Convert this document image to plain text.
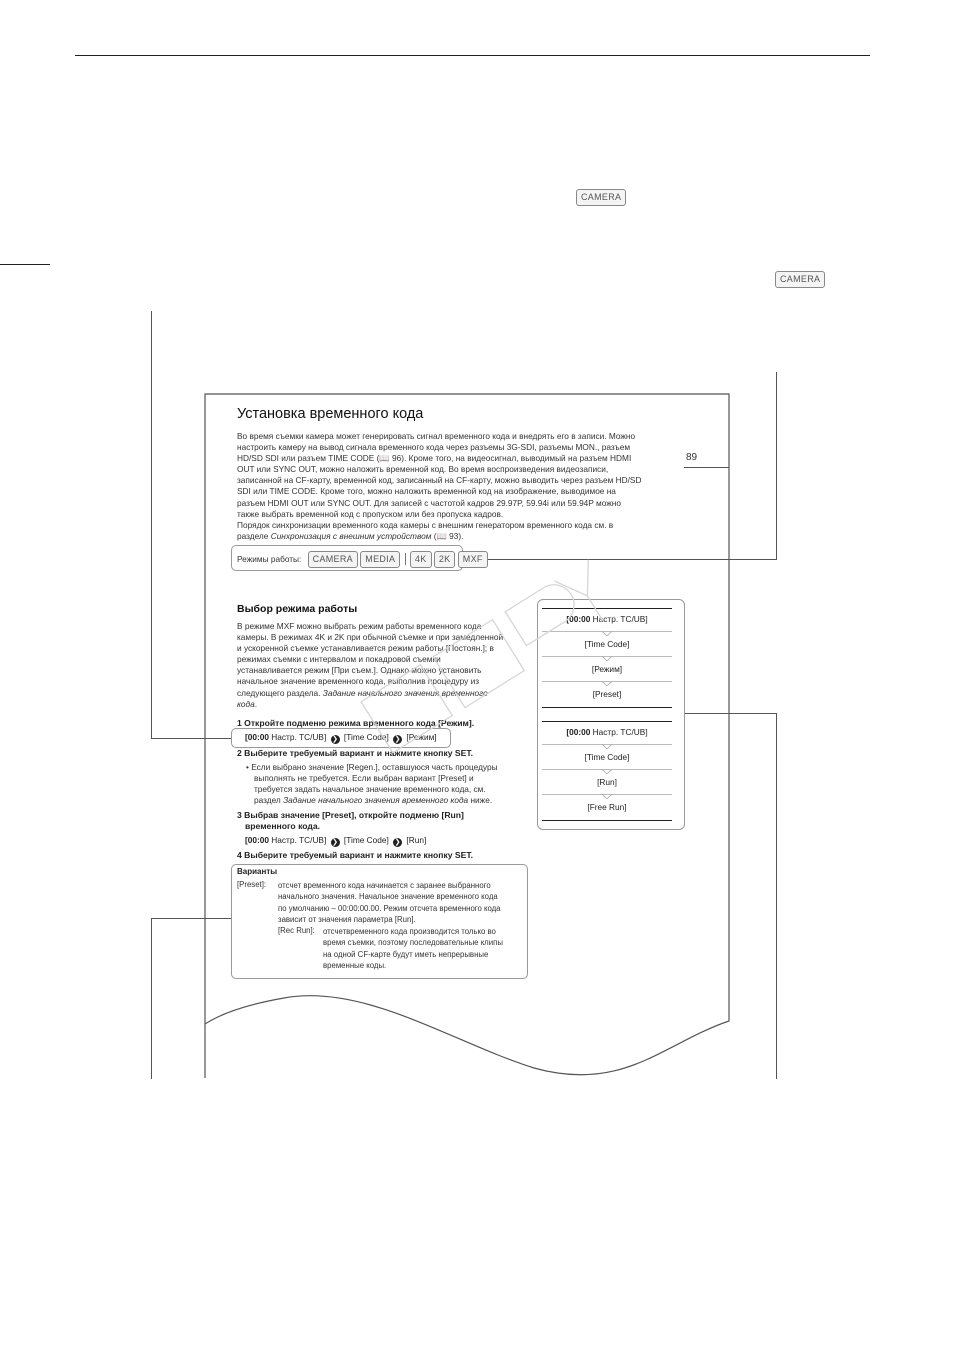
CAMERA
CAMERA
89
Установка временного кода
Во время съемки камера может генерировать сигнал временного кода и внедрять его в записи. Можно
настроить камеру на вывод сигнала временного кода через разъемы 3G-SDI, разъемы MON., разъем
HD/SD SDI или разъем TIME CODE (📖 96). Кроме того, на видеосигнал, выводимый на разъем HDMI
OUT или SYNC OUT, можно наложить временной код. Во время воспроизведения видеозаписи,
записанной на CF-карту, временной код, записанный на CF-карту, можно выводить через разъем HD/SD
SDI или TIME CODE. Кроме того, можно наложить временной код на изображение, выводимое на
разъем HDMI OUT или SYNC OUT. Для записей с частотой кадров 29.97P, 59.94i или 59.94P можно
также выбрать временной код с пропуском или без пропуска кадров.
Порядок синхронизации временного кода камеры с внешним генератором временного кода см. в
разделе Синхронизация с внешним устройством (📖 93).
Режимы работы: CAMERA MEDIA 4K 2K MXF
Выбор режима работы
В режиме MXF можно выбрать режим работы временного кода
камеры. В режимах 4K и 2K при обычной съемке и при замедленной
и ускоренной съемке устанавливается режим работы [Постоян.]; в
режимах съемки с интервалом и покадровой съемки
устанавливается режим [При съем.]. Однако можно установить
начальное значение временного кода, выполнив процедуру из
следующего раздела. Задание начального значения временного
кода.
1 Откройте подменю режима временного кода [Режим].
[00:00 Настр. TC/UB] ❯ [Time Code] ❯ [Режим]
2 Выберите требуемый вариант и нажмите кнопку SET.
• Если выбрано значение [Regen.], оставшуюся часть процедуры
выполнять не требуется. Если выбран вариант [Preset] и
требуется задать начальное значение временного кода, см.
раздел Задание начального значения временного кода ниже.
3 Выбрав значение [Preset], откройте подменю [Run]
временного кода.
[00:00 Настр. TC/UB] ❯ [Time Code] ❯ [Run]
4 Выберите требуемый вариант и нажмите кнопку SET.
Варианты
[Preset]: отсчет временного кода начинается с заранее выбранного
начального значения. Начальное значение временного кода
по умолчанию – 00:00:00.00. Режим отсчета временного кода
зависит от значения параметра [Run].
[Rec Run]: отсчетвременного кода производится только во
время съемки, поэтому последовательные клипы
на одной CF-карте будут иметь непрерывные
временные коды.
[00:00 Настр. TC/UB]
[Time Code]
[Режим]
[Preset]
[00:00 Настр. TC/UB]
[Time Code]
[Run]
[Free Run]
